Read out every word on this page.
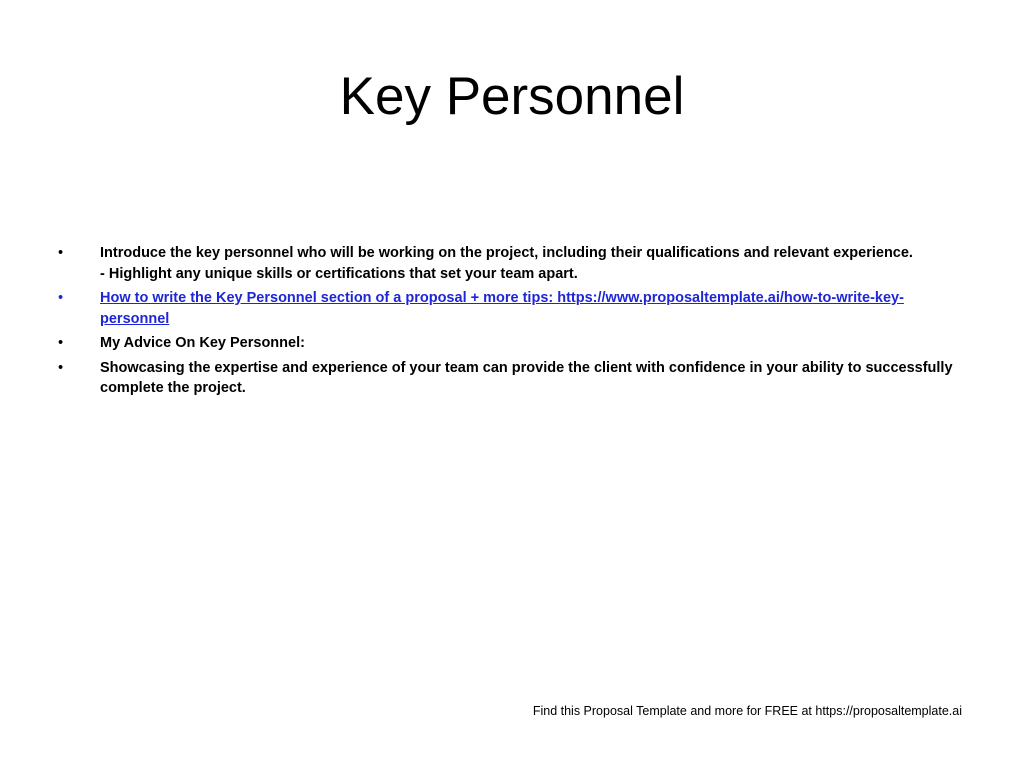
Key Personnel
•	Introduce the key personnel who will be working on the project, including their qualifications and relevant experience.
- Highlight any unique skills or certifications that set your team apart.
•	How to write the Key Personnel section of a proposal + more tips: https://www.proposaltemplate.ai/how-to-write-key-personnel
•	My Advice On Key Personnel:
•	Showcasing the expertise and experience of your team can provide the client with confidence in your ability to successfully complete the project.
Find this Proposal Template and more for FREE at https://proposaltemplate.ai
